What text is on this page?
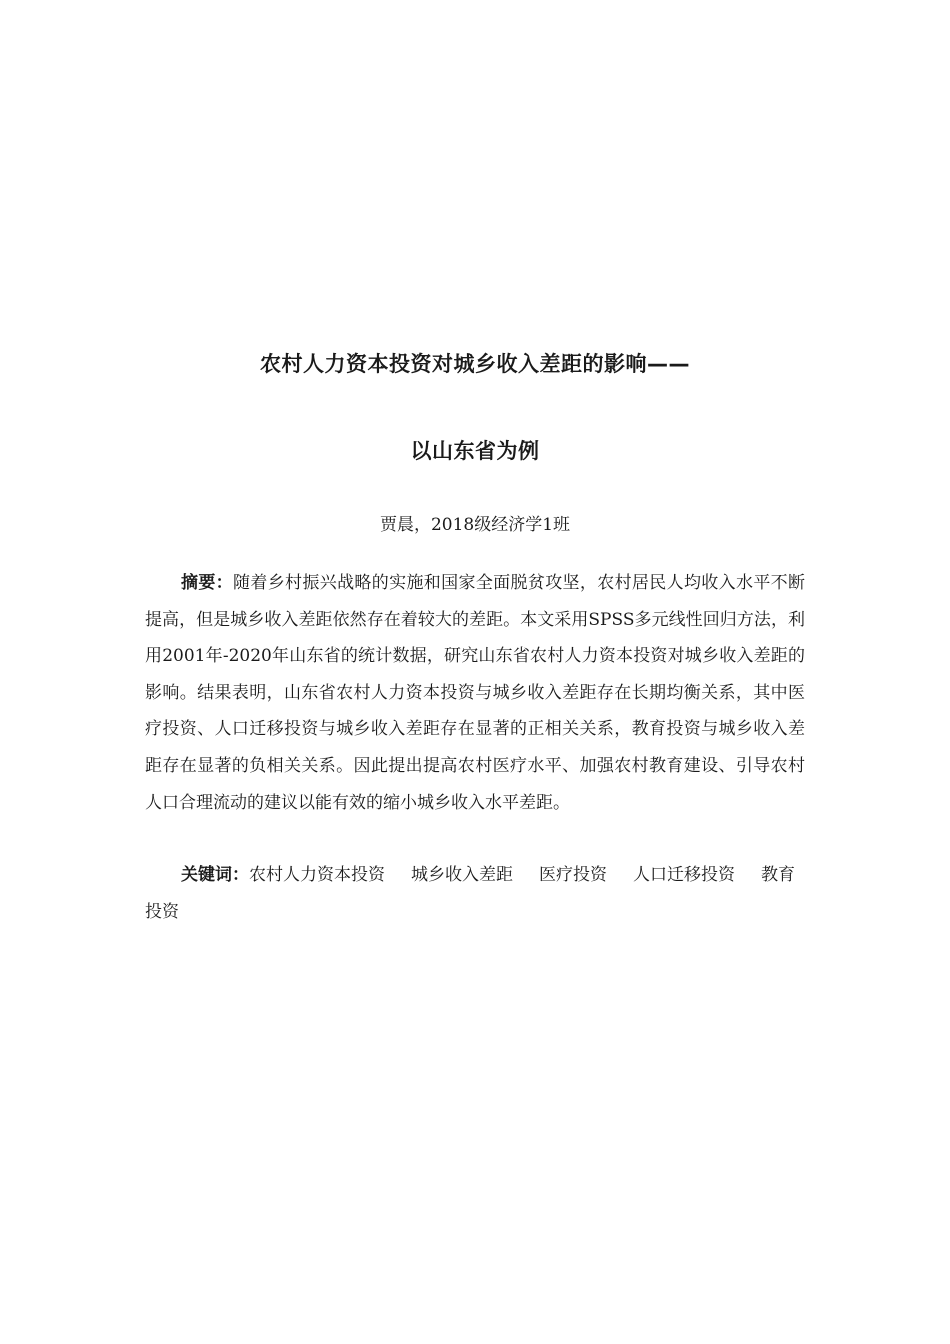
农村人力资本投资对城乡收入差距的影响——
以山东省为例
贾晨，2018级经济学1班

摘要：随着乡村振兴战略的实施和国家全面脱贫攻坚，农村居民人均收入水平不断提高，但是城乡收入差距依然存在着较大的差距。本文采用SPSS多元线性回归方法，利用2001年-2020年山东省的统计数据，研究山东省农村人力资本投资对城乡收入差距的影响。结果表明，山东省农村人力资本投资与城乡收入差距存在长期均衡关系，其中医疗投资、人口迁移投资与城乡收入差距存在显著的正相关关系，教育投资与城乡收入差距存在显著的负相关关系。因此提出提高农村医疗水平、加强农村教育建设、引导农村人口合理流动的建议以能有效的缩小城乡收入水平差距。

关键词：农村人力资本投资 城乡收入差距 医疗投资 人口迁移投资 教育投资
